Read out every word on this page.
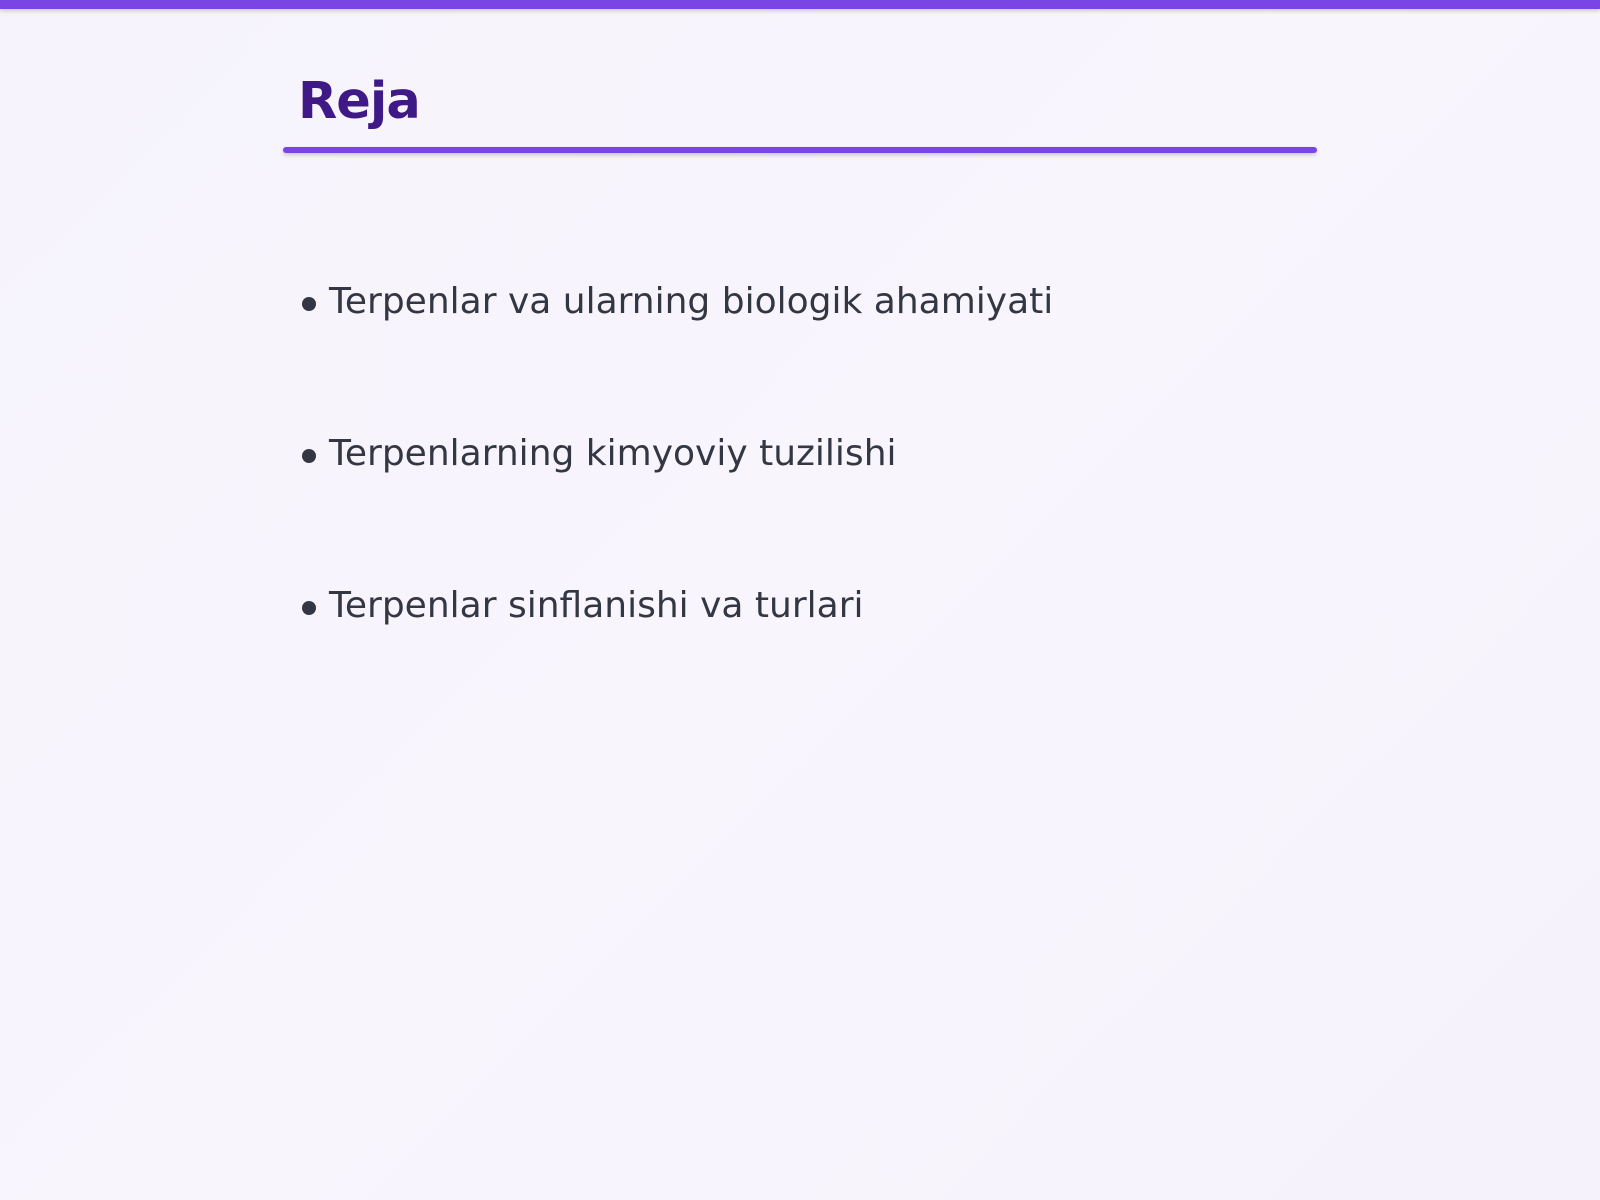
Reja
Terpenlar va ularning biologik ahamiyati
Terpenlarning kimyoviy tuzilishi
Terpenlar sinflanishi va turlari
